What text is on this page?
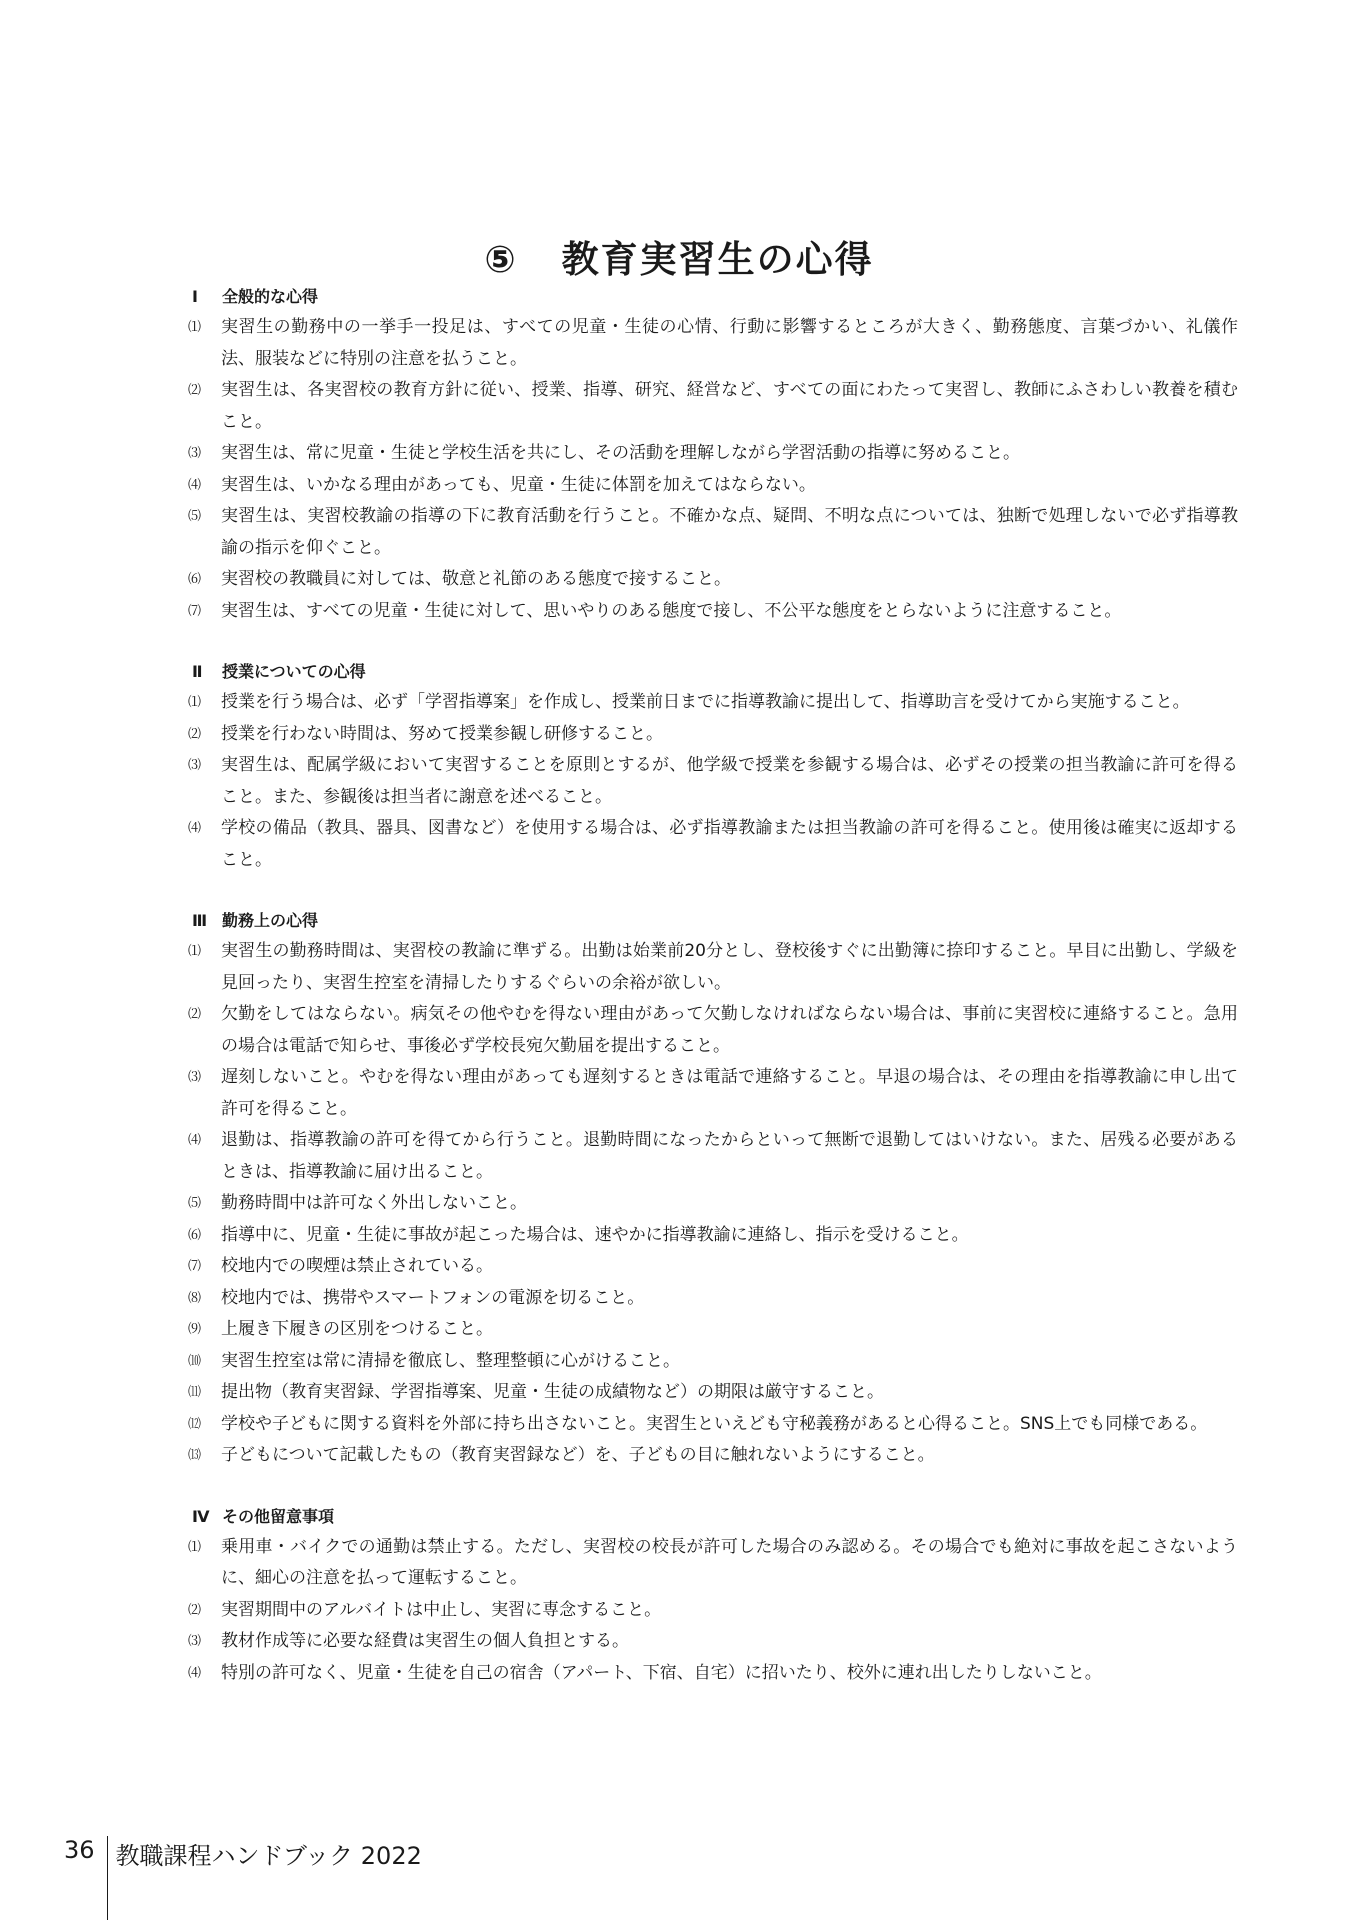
⑤ 教育実習生の心得
Ⅰ 全般的な心得
⑴	実習生の勤務中の一挙手一投足は、すべての児童・生徒の心情、行動に影響するところが大きく、勤務態度、言葉づかい、礼儀作法、服装などに特別の注意を払うこと。
⑵	実習生は、各実習校の教育方針に従い、授業、指導、研究、経営など、すべての面にわたって実習し、教師にふさわしい教養を積むこと。
⑶	実習生は、常に児童・生徒と学校生活を共にし、その活動を理解しながら学習活動の指導に努めること。
⑷	実習生は、いかなる理由があっても、児童・生徒に体罰を加えてはならない。
⑸	実習生は、実習校教諭の指導の下に教育活動を行うこと。不確かな点、疑問、不明な点については、独断で処理しないで必ず指導教諭の指示を仰ぐこと。
⑹	実習校の教職員に対しては、敬意と礼節のある態度で接すること。
⑺	実習生は、すべての児童・生徒に対して、思いやりのある態度で接し、不公平な態度をとらないように注意すること。
Ⅱ 授業についての心得
⑴	授業を行う場合は、必ず「学習指導案」を作成し、授業前日までに指導教諭に提出して、指導助言を受けてから実施すること。
⑵	授業を行わない時間は、努めて授業参観し研修すること。
⑶	実習生は、配属学級において実習することを原則とするが、他学級で授業を参観する場合は、必ずその授業の担当教諭に許可を得ること。また、参観後は担当者に謝意を述べること。
⑷	学校の備品（教具、器具、図書など）を使用する場合は、必ず指導教諭または担当教諭の許可を得ること。使用後は確実に返却すること。
Ⅲ 勤務上の心得
⑴	実習生の勤務時間は、実習校の教諭に準ずる。出勤は始業前20分とし、登校後すぐに出勤簿に捺印すること。早目に出勤し、学級を見回ったり、実習生控室を清掃したりするぐらいの余裕が欲しい。
⑵	欠勤をしてはならない。病気その他やむを得ない理由があって欠勤しなければならない場合は、事前に実習校に連絡すること。急用の場合は電話で知らせ、事後必ず学校長宛欠勤届を提出すること。
⑶	遅刻しないこと。やむを得ない理由があっても遅刻するときは電話で連絡すること。早退の場合は、その理由を指導教諭に申し出て許可を得ること。
⑷	退勤は、指導教諭の許可を得てから行うこと。退勤時間になったからといって無断で退勤してはいけない。また、居残る必要があるときは、指導教諭に届け出ること。
⑸	勤務時間中は許可なく外出しないこと。
⑹	指導中に、児童・生徒に事故が起こった場合は、速やかに指導教諭に連絡し、指示を受けること。
⑺	校地内での喫煙は禁止されている。
⑻	校地内では、携帯やスマートフォンの電源を切ること。
⑼	上履き下履きの区別をつけること。
⑽	実習生控室は常に清掃を徹底し、整理整頓に心がけること。
⑾	提出物（教育実習録、学習指導案、児童・生徒の成績物など）の期限は厳守すること。
⑿	学校や子どもに関する資料を外部に持ち出さないこと。実習生といえども守秘義務があると心得ること。SNS上でも同様である。
⒀	子どもについて記載したもの（教育実習録など）を、子どもの目に触れないようにすること。
Ⅳ その他留意事項
⑴	乗用車・バイクでの通勤は禁止する。ただし、実習校の校長が許可した場合のみ認める。その場合でも絶対に事故を起こさないように、細心の注意を払って運転すること。
⑵	実習期間中のアルバイトは中止し、実習に専念すること。
⑶	教材作成等に必要な経費は実習生の個人負担とする。
⑷	特別の許可なく、児童・生徒を自己の宿舎（アパート、下宿、自宅）に招いたり、校外に連れ出したりしないこと。
36 教職課程ハンドブック 2022
